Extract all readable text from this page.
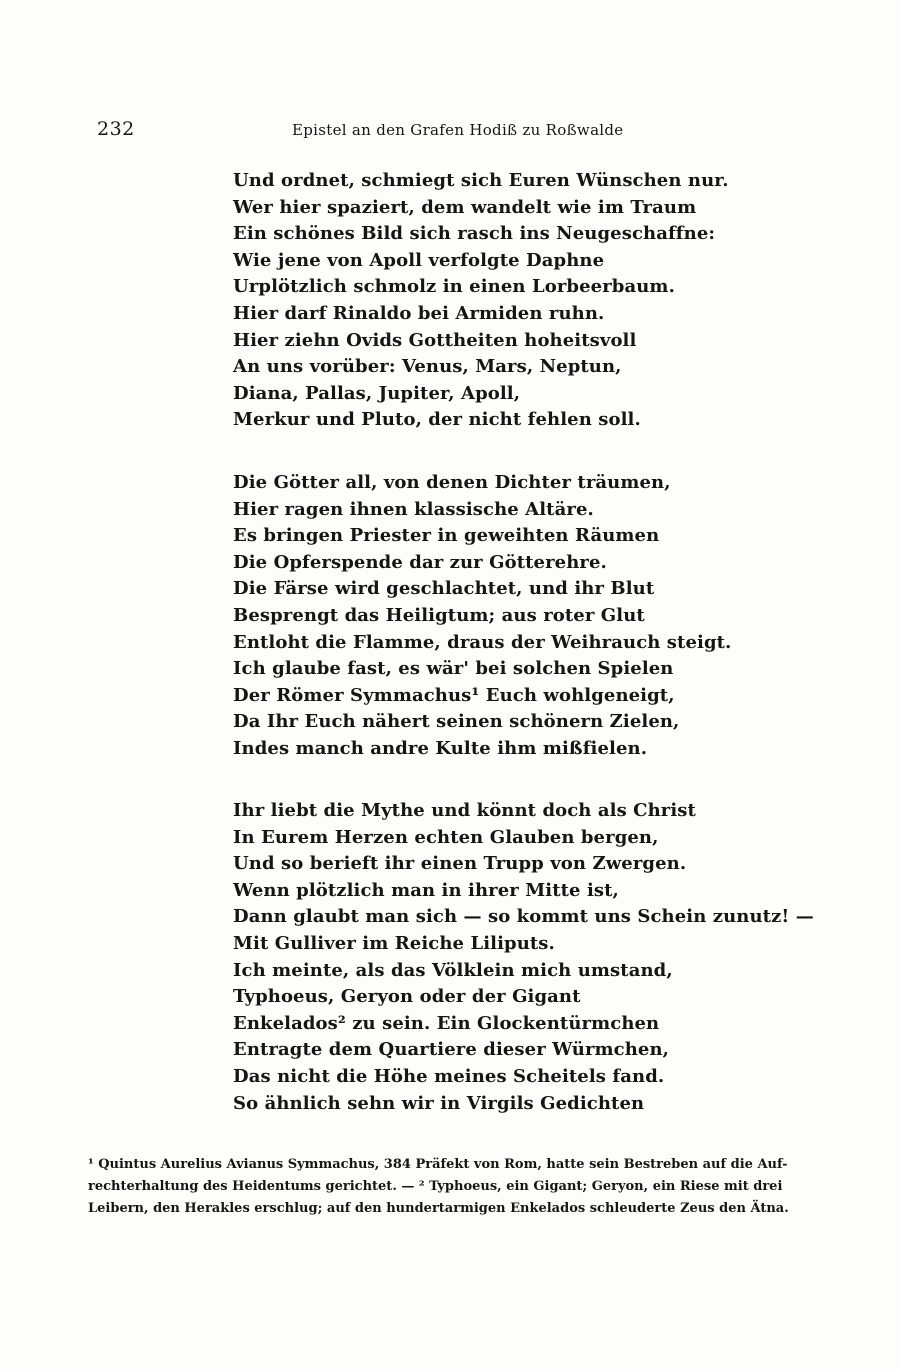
232	Epistel an den Grafen Hodiß zu Roßwalde
Und ordnet, schmiegt sich Euren Wünschen nur.
Wer hier spaziert, dem wandelt wie im Traum
Ein schönes Bild sich rasch ins Neugeschaffne:
Wie jene von Apoll verfolgte Daphne
Urplötzlich schmolz in einen Lorbeerbaum.
Hier darf Rinaldo bei Armiden ruhn.
Hier ziehn Ovids Gottheiten hoheitsvoll
An uns vorüber: Venus, Mars, Neptun,
Diana, Pallas, Jupiter, Apoll,
Merkur und Pluto, der nicht fehlen soll.
Die Götter all, von denen Dichter träumen,
Hier ragen ihnen klassische Altäre.
Es bringen Priester in geweihten Räumen
Die Opferspende dar zur Götterehre.
Die Färse wird geschlachtet, und ihr Blut
Besprengt das Heiligtum; aus roter Glut
Entloht die Flamme, draus der Weihrauch steigt.
Ich glaube fast, es wär' bei solchen Spielen
Der Römer Symmachus¹ Euch wohlgeneigt,
Da Ihr Euch nähert seinen schönern Zielen,
Indes manch andre Kulte ihm mißfielen.
Ihr liebt die Mythe und könnt doch als Christ
In Eurem Herzen echten Glauben bergen,
Und so berieft ihr einen Trupp von Zwergen.
Wenn plötzlich man in ihrer Mitte ist,
Dann glaubt man sich — so kommt uns Schein zunutz! —
Mit Gulliver im Reiche Liliputs.
Ich meinte, als das Völklein mich umstand,
Typhoeus, Geryon oder der Gigant
Enkelados² zu sein. Ein Glockentürmchen
Entragte dem Quartiere dieser Würmchen,
Das nicht die Höhe meines Scheitels fand.
So ähnlich sehn wir in Virgils Gedichten
¹ Quintus Aurelius Avianus Symmachus, 384 Präfekt von Rom, hatte sein Bestreben auf die Auf-
rechterhaltung des Heidentums gerichtet. — ² Typhoeus, ein Gigant; Geryon, ein Riese mit drei
Leibern, den Herakles erschlug; auf den hundertarmigen Enkelados schleuderte Zeus den Ätna.
